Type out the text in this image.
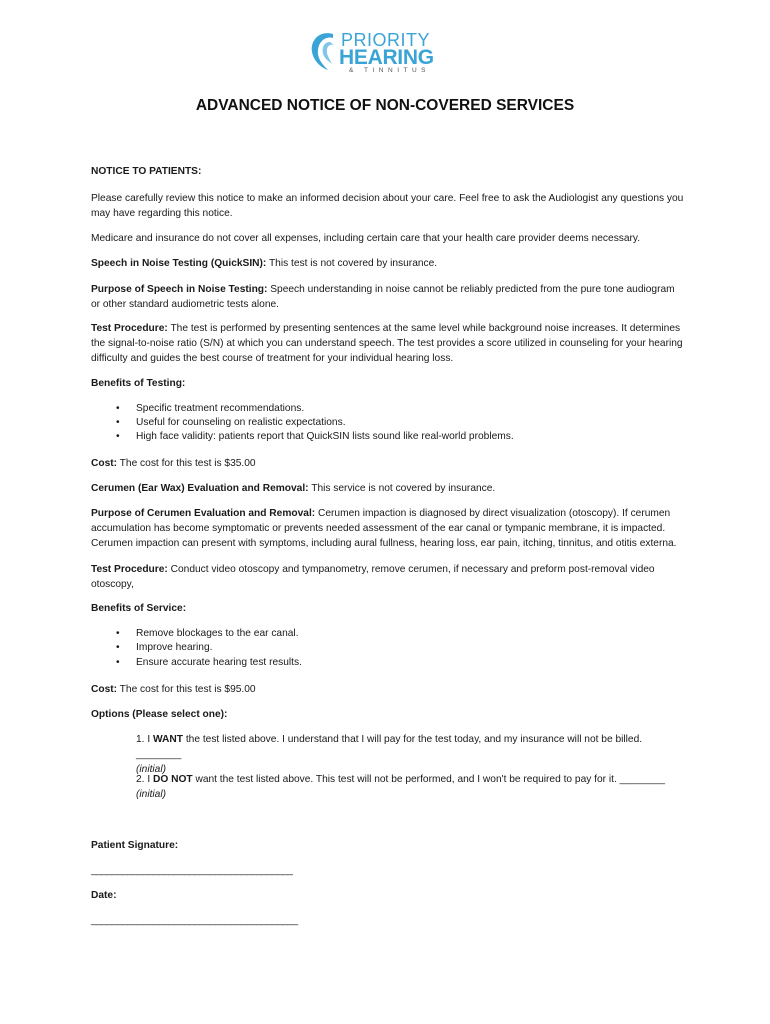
PRIORITY
HEARING
& TINNITUS
ADVANCED NOTICE OF NON-COVERED SERVICES
NOTICE TO PATIENTS:
Please carefully review this notice to make an informed decision about your care. Feel free to ask the Audiologist any questions you may have regarding this notice.
Medicare and insurance do not cover all expenses, including certain care that your health care provider deems necessary.
Speech in Noise Testing (QuickSIN): This test is not covered by insurance.
Purpose of Speech in Noise Testing: Speech understanding in noise cannot be reliably predicted from the pure tone audiogram or other standard audiometric tests alone.
Test Procedure: The test is performed by presenting sentences at the same level while background noise increases. It determines the signal-to-noise ratio (S/N) at which you can understand speech. The test provides a score utilized in counseling for your hearing difficulty and guides the best course of treatment for your individual hearing loss.
Benefits of Testing:
•	Specific treatment recommendations.
•	Useful for counseling on realistic expectations.
•	High face validity: patients report that QuickSIN lists sound like real-world problems.
Cost: The cost for this test is $35.00
Cerumen (Ear Wax) Evaluation and Removal: This service is not covered by insurance.
Purpose of Cerumen Evaluation and Removal: Cerumen impaction is diagnosed by direct visualization (otoscopy). If cerumen accumulation has become symptomatic or prevents needed assessment of the ear canal or tympanic membrane, it is impacted. Cerumen impaction can present with symptoms, including aural fullness, hearing loss, ear pain, itching, tinnitus, and otitis externa.
Test Procedure: Conduct video otoscopy and tympanometry, remove cerumen, if necessary and preform post-removal video otoscopy,
Benefits of Service:
•	Remove blockages to the ear canal.
•	Improve hearing.
•	Ensure accurate hearing test results.
Cost: The cost for this test is $95.00
Options (Please select one):
1. I WANT the test listed above. I understand that I will pay for the test today, and my insurance will not be billed. ________
(initial)
2. I DO NOT want the test listed above. This test will not be performed, and I won't be required to pay for it. ________
(initial)
Patient Signature:
_______________________________________
Date:
________________________________________
